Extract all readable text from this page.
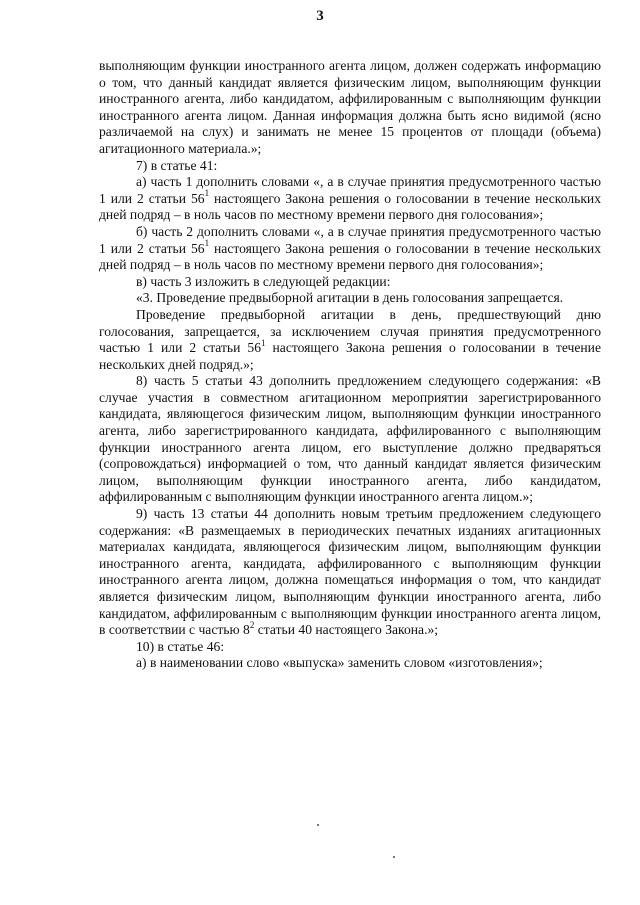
3

выполняющим функции иностранного агента лицом, должен содержать информацию о том, что данный кандидат является физическим лицом, выполняющим функции иностранного агента, либо кандидатом, аффилированным с выполняющим функции иностранного агента лицом. Данная информация должна быть ясно видимой (ясно различаемой на слух) и занимать не менее 15 процентов от площади (объема) агитационного материала.»;

7) в статье 41:

а) часть 1 дополнить словами «, а в случае принятия предусмотренного частью 1 или 2 статьи $56^1$ настоящего Закона решения о голосовании в течение нескольких дней подряд – в ноль часов по местному времени первого дня голосования»;

б) часть 2 дополнить словами «, а в случае принятия предусмотренного частью 1 или 2 статьи $56^1$ настоящего Закона решения о голосовании в течение нескольких дней подряд – в ноль часов по местному времени первого дня голосования»;

в) часть 3 изложить в следующей редакции:

«3. Проведение предвыборной агитации в день голосования запрещается.

Проведение предвыборной агитации в день, предшествующий дню голосования, запрещается, за исключением случая принятия предусмотренного частью 1 или 2 статьи $56^1$ настоящего Закона решения о голосовании в течение нескольких дней подряд.»;

8) часть 5 статьи 43 дополнить предложением следующего содержания: «В случае участия в совместном агитационном мероприятии зарегистрированного кандидата, являющегося физическим лицом, выполняющим функции иностранного агента, либо зарегистрированного кандидата, аффилированного с выполняющим функции иностранного агента лицом, его выступление должно предваряться (сопровождаться) информацией о том, что данный кандидат является физическим лицом, выполняющим функции иностранного агента, либо кандидатом, аффилированным с выполняющим функции иностранного агента лицом.»;

9) часть 13 статьи 44 дополнить новым третьим предложением следующего содержания: «В размещаемых в периодических печатных изданиях агитационных материалах кандидата, являющегося физическим лицом, выполняющим функции иностранного агента, кандидата, аффилированного с выполняющим функции иностранного агента лицом, должна помещаться информация о том, что кандидат является физическим лицом, выполняющим функции иностранного агента, либо кандидатом, аффилированным с выполняющим функции иностранного агента лицом, в соответствии с частью $8^2$ статьи 40 настоящего Закона.»;

10) в статье 46:

а) в наименовании слово «выпуска» заменить словом «изготовления»;
